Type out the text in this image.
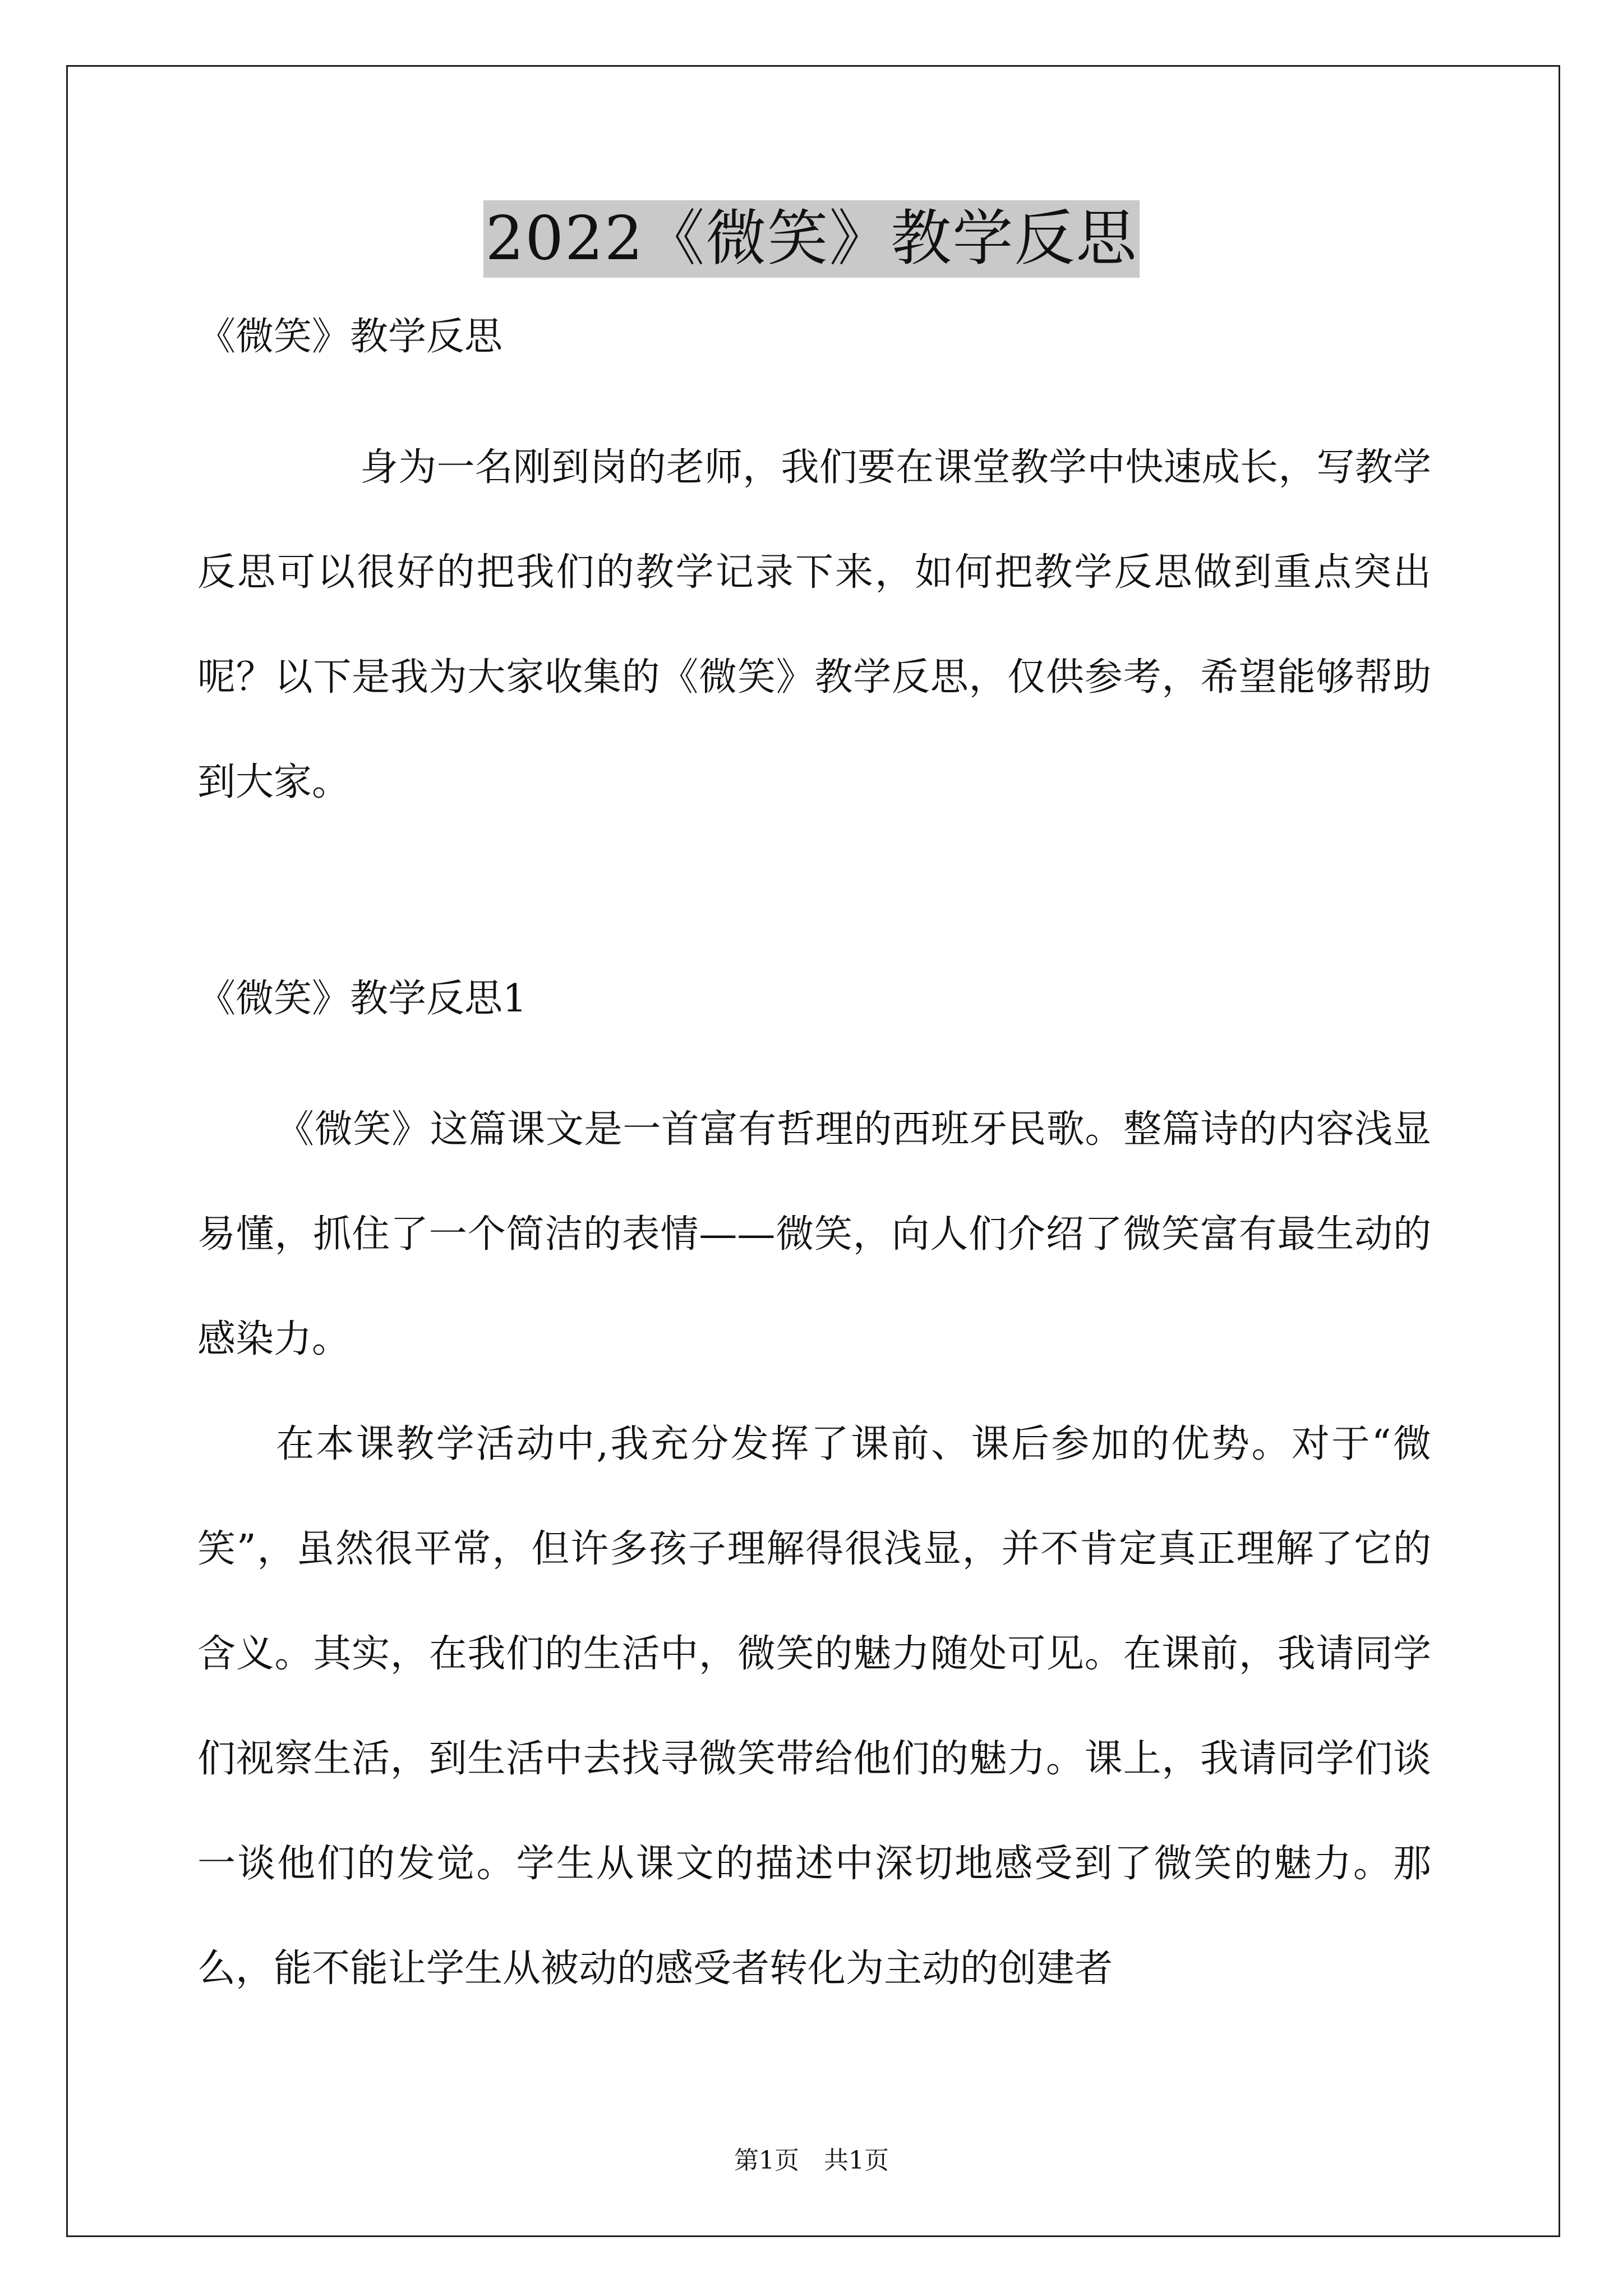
2022《微笑》教学反思

《微笑》教学反思

身为一名刚到岗的老师，我们要在课堂教学中快速成长，写教学反思可以很好的把我们的教学记录下来，如何把教学反思做到重点突出呢？以下是我为大家收集的《微笑》教学反思，仅供参考，希望能够帮助到大家。

《微笑》教学反思1

《微笑》这篇课文是一首富有哲理的西班牙民歌。整篇诗的内容浅显易懂，抓住了一个简洁的表情——微笑，向人们介绍了微笑富有最生动的感染力。

在本课教学活动中,我充分发挥了课前、课后参加的优势。对于“微笑”，虽然很平常，但许多孩子理解得很浅显，并不肯定真正理解了它的含义。其实，在我们的生活中，微笑的魅力随处可见。在课前，我请同学们视察生活，到生活中去找寻微笑带给他们的魅力。课上，我请同学们谈一谈他们的发觉。学生从课文的描述中深切地感受到了微笑的魅力。那么，能不能让学生从被动的感受者转化为主动的创建者

第1页　共1页
